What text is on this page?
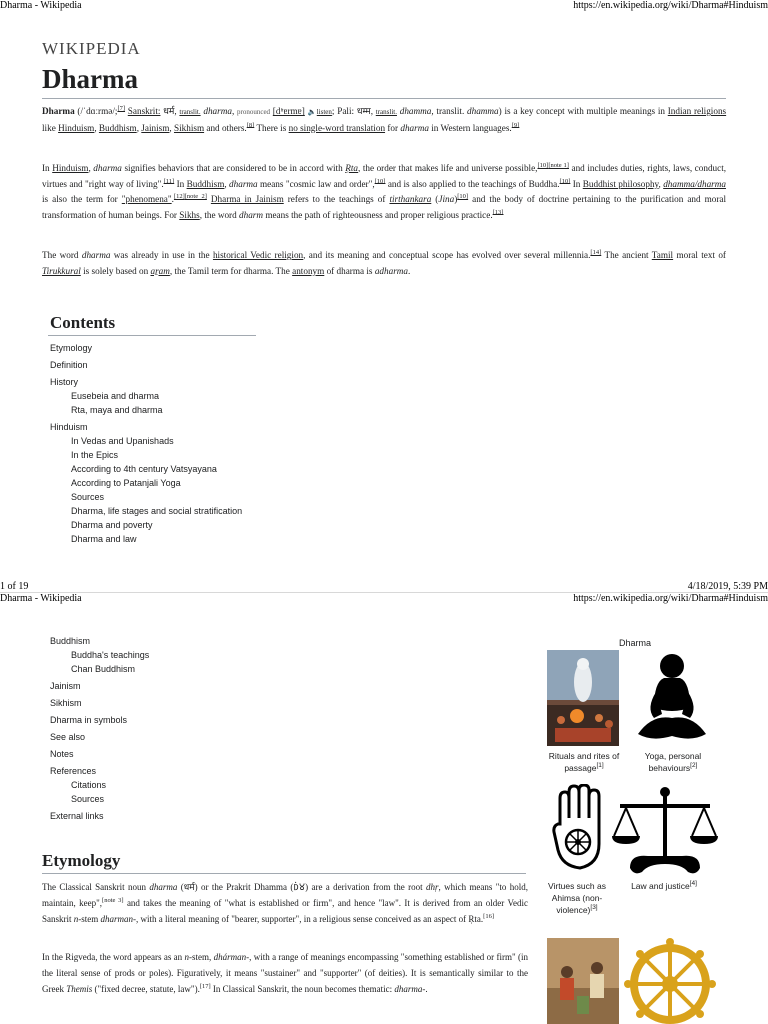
Dharma - Wikipedia	https://en.wikipedia.org/wiki/Dharma#Hinduism
WIKIPEDIA
Dharma

Dharma (/ˈdɑːrmə/;[7] Sanskrit: धर्म, translit. dharma, pronounced [dʱɐrmɐ] 🔈listen; Pali: धम्म, translit. dhamma, translit. dhamma) is a key concept with multiple meanings in Indian religions like Hinduism, Buddhism, Jainism, Sikhism and others.[8] There is no single-word translation for dharma in Western languages.[9]

In Hinduism, dharma signifies behaviors that are considered to be in accord with Ṛta, the order that makes life and universe possible,[10][note 1] and includes duties, rights, laws, conduct, virtues and "right way of living".[11] In Buddhism, dharma means "cosmic law and order",[10] and is also applied to the teachings of Buddha.[10] In Buddhist philosophy, dhamma/dharma is also the term for "phenomena".[12][note 2] Dharma in Jainism refers to the teachings of tirthankara (Jina)[10] and the body of doctrine pertaining to the purification and moral transformation of human beings. For Sikhs, the word dharm means the path of righteousness and proper religious practice.[13]

The word dharma was already in use in the historical Vedic religion, and its meaning and conceptual scope has evolved over several millennia.[14] The ancient Tamil moral text of Tirukkural is solely based on aṟam, the Tamil term for dharma. The antonym of dharma is adharma.

Contents
Etymology
Definition
History
Eusebeia and dharma
Rta, maya and dharma
Hinduism
In Vedas and Upanishads
In the Epics
According to 4th century Vatsyayana
According to Patanjali Yoga
Sources
Dharma, life stages and social stratification
Dharma and poverty
Dharma and law
1 of 19	4/18/2019, 5:39 PM
Dharma - Wikipedia	https://en.wikipedia.org/wiki/Dharma#Hinduism
Buddhism
Buddha's teachings
Chan Buddhism
Jainism
Sikhism
Dharma in symbols
See also
Notes
References
Citations
Sources
External links
Dharma
Rituals and rites of passage[1]
Yoga, personal behaviours[2]
Virtues such as Ahimsa (non-violence)[3]
Law and justice[4]
Etymology

The Classical Sanskrit noun dharma (धर्म) or the Prakrit Dhamma (𑀥𑀁𑀫) are a derivation from the root dhṛ, which means "to hold, maintain, keep",[note 3] and takes the meaning of "what is established or firm", and hence "law". It is derived from an older Vedic Sanskrit n-stem dharman-, with a literal meaning of "bearer, supporter", in a religious sense conceived as an aspect of Ṛta.[16]

In the Rigveda, the word appears as an n-stem, dhárman-, with a range of meanings encompassing "something established or firm" (in the literal sense of prods or poles). Figuratively, it means "sustainer" and "supporter" (of deities). It is semantically similar to the Greek Themis ("fixed decree, statute, law").[17] In Classical Sanskrit, the noun becomes thematic: dharma-.
